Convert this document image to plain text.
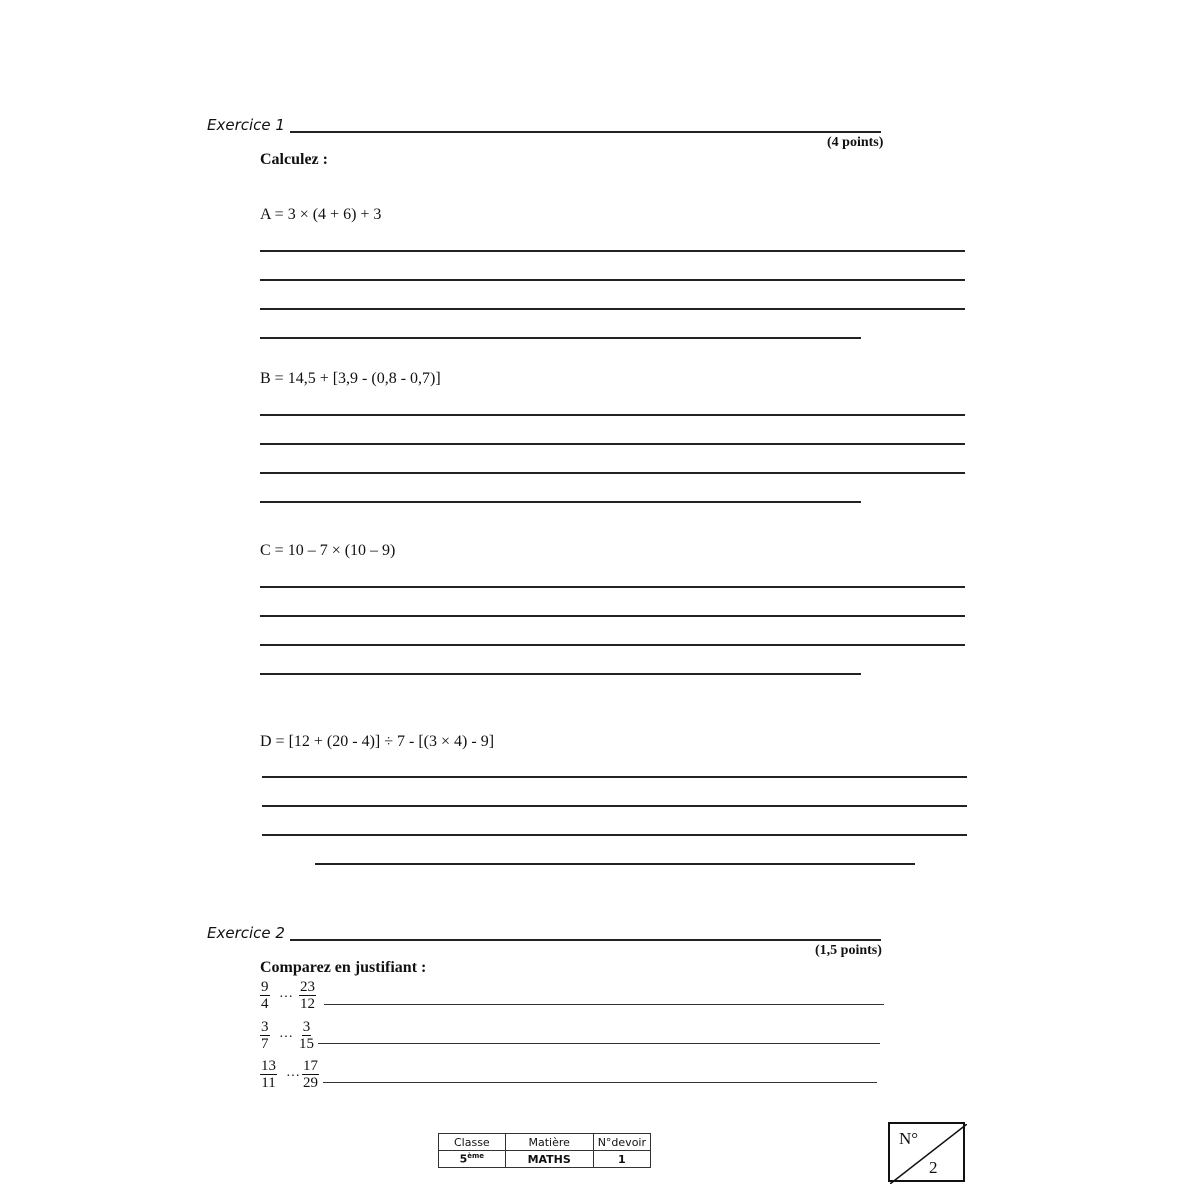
Exercice 1
(4 points)
Calculez :
A = 3 × (4 + 6) + 3
B = 14,5 + [3,9 - (0,8 - 0,7)]
C = 10 – 7 × (10 – 9)
D = [12 + (20 - 4)] ÷ 7 - [(3 × 4) - 9]
Exercice 2
(1,5 points)
Comparez en justifiant :
$\frac{9}{4}$ ··· $\frac{23}{12}$
$\frac{3}{7}$ ··· $\frac{3}{15}$
$\frac{13}{11}$ ··· $\frac{17}{29}$
Classe	Matière	N°devoir
5ème	MATHS	1
N°
2
